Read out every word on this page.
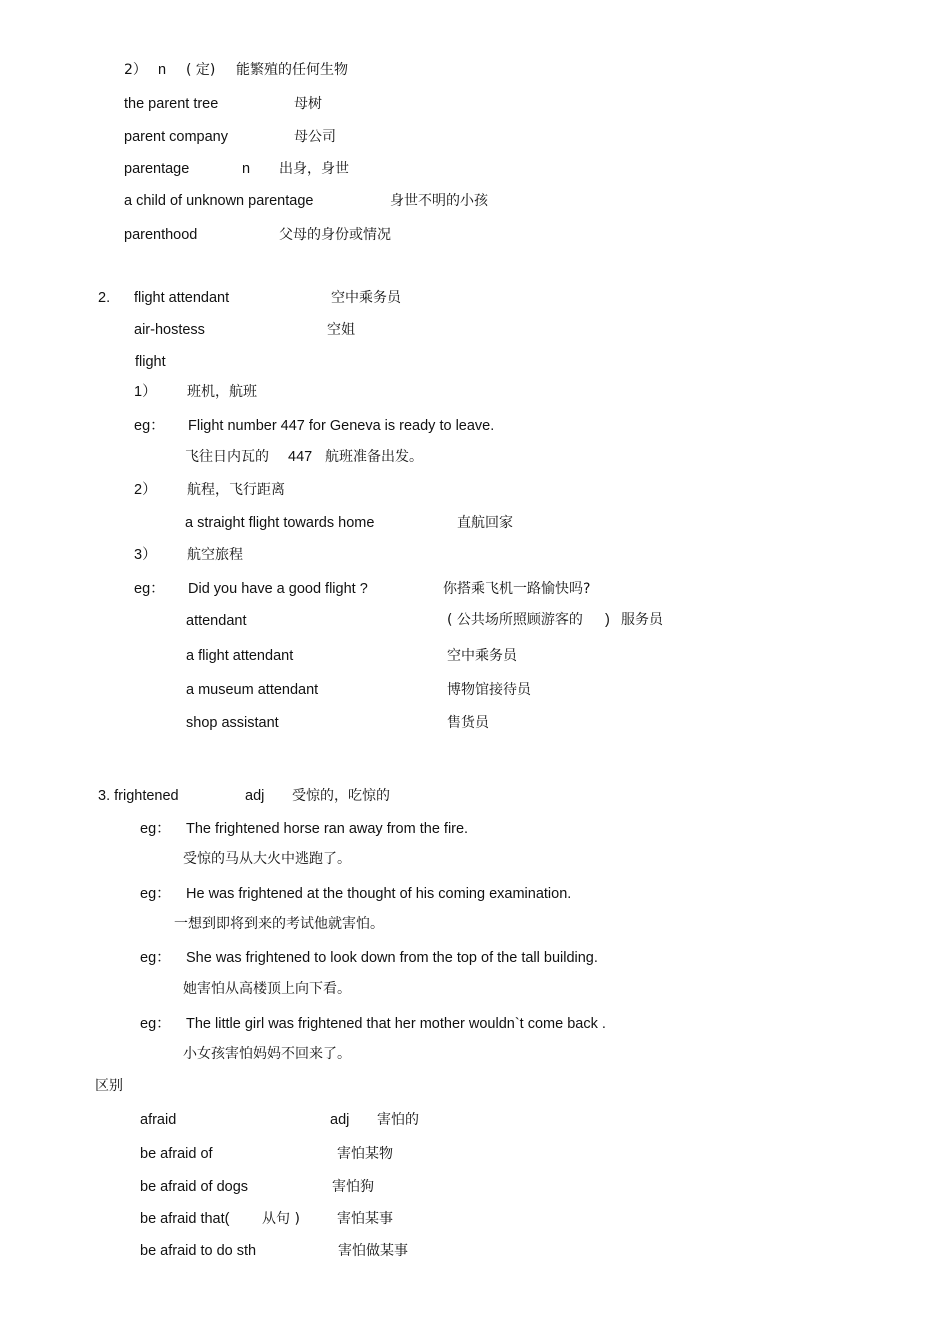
2） n ( 定) 能繁殖的任何生物
the parent tree	母树
parent company	母公司
parentage	n 出身，身世
a child of unknown parentage	身世不明的小孩
parenthood	父母的身份或情况
2. flight attendant	空中乘务员
air-hostess	空姐
flight
1） 班机，航班
eg： Flight number 447 for Geneva is ready to leave.
飞往日内瓦的 447 航班准备出发。
2） 航程，飞行距离
a straight flight towards home	直航回家
3） 航空旅程
eg： Did you have a good flight ?	你搭乘飞机一路愉快吗?
attendant	( 公共场所照顾游客的 ) 服务员
a flight attendant	空中乘务员
a museum attendant	博物馆接待员
shop assistant	售货员
3. frightened	adj 受惊的，吃惊的
eg： The frightened horse ran away from the fire.
受惊的马从大火中逃跑了。
eg： He was frightened at the thought of his coming examination.
一想到即将到来的考试他就害怕。
eg： She was frightened to look down from the top of the tall building.
她害怕从高楼顶上向下看。
eg： The little girl was frightened that her mother wouldn`t come back .
小女孩害怕妈妈不回来了。
区别
afraid	adj 害怕的
be afraid of	害怕某物
be afraid of dogs	害怕狗
be afraid that( 从句 )	害怕某事
be afraid to do sth	害怕做某事
